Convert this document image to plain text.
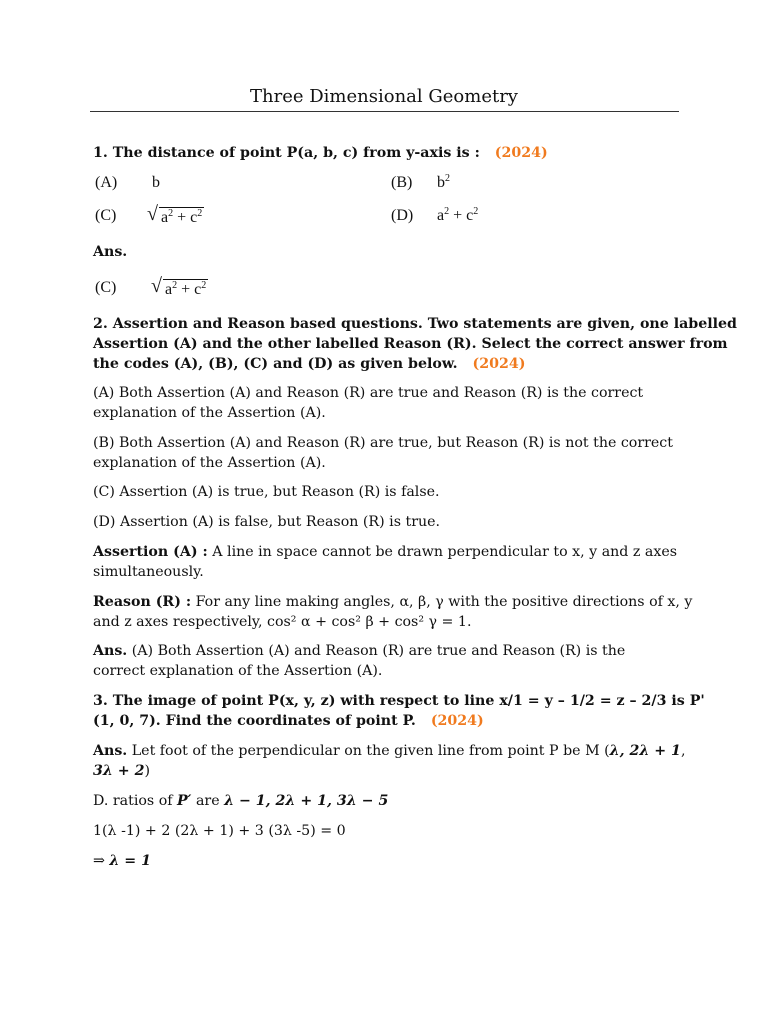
Three Dimensional Geometry
1. The distance of point P(a, b, c) from y-axis is : (2024)
(A) b	(B) $b^2$
(C) √ $a^2 + c^2$	(D) $a^2 + c^2$
Ans.
(C) √ $a^2 + c^2$
2. Assertion and Reason based questions. Two statements are given, one labelled
Assertion (A) and the other labelled Reason (R). Select the correct answer from
the codes (A), (B), (C) and (D) as given below. (2024)
(A) Both Assertion (A) and Reason (R) are true and Reason (R) is the correct
explanation of the Assertion (A).
(B) Both Assertion (A) and Reason (R) are true, but Reason (R) is not the correct
explanation of the Assertion (A).
(C) Assertion (A) is true, but Reason (R) is false.
(D) Assertion (A) is false, but Reason (R) is true.
Assertion (A) : A line in space cannot be drawn perpendicular to x, y and z axes
simultaneously.
Reason (R) : For any line making angles, α, β, γ with the positive directions of x, y
and z axes respectively, cos² α + cos² β + cos² γ = 1.
Ans. (A) Both Assertion (A) and Reason (R) are true and Reason (R) is the
correct explanation of the Assertion (A).
3. The image of point P(x, y, z) with respect to line x/1 = y – 1/2 = z – 2/3 is P'
(1, 0, 7). Find the coordinates of point P. (2024)
Ans. Let foot of the perpendicular on the given line from point P be M (λ, 2λ + 1,
3λ + 2)
D. ratios of P′ are λ − 1, 2λ + 1, 3λ − 5
1(λ -1) + 2 (2λ + 1) + 3 (3λ -5) = 0
⇒ λ = 1
